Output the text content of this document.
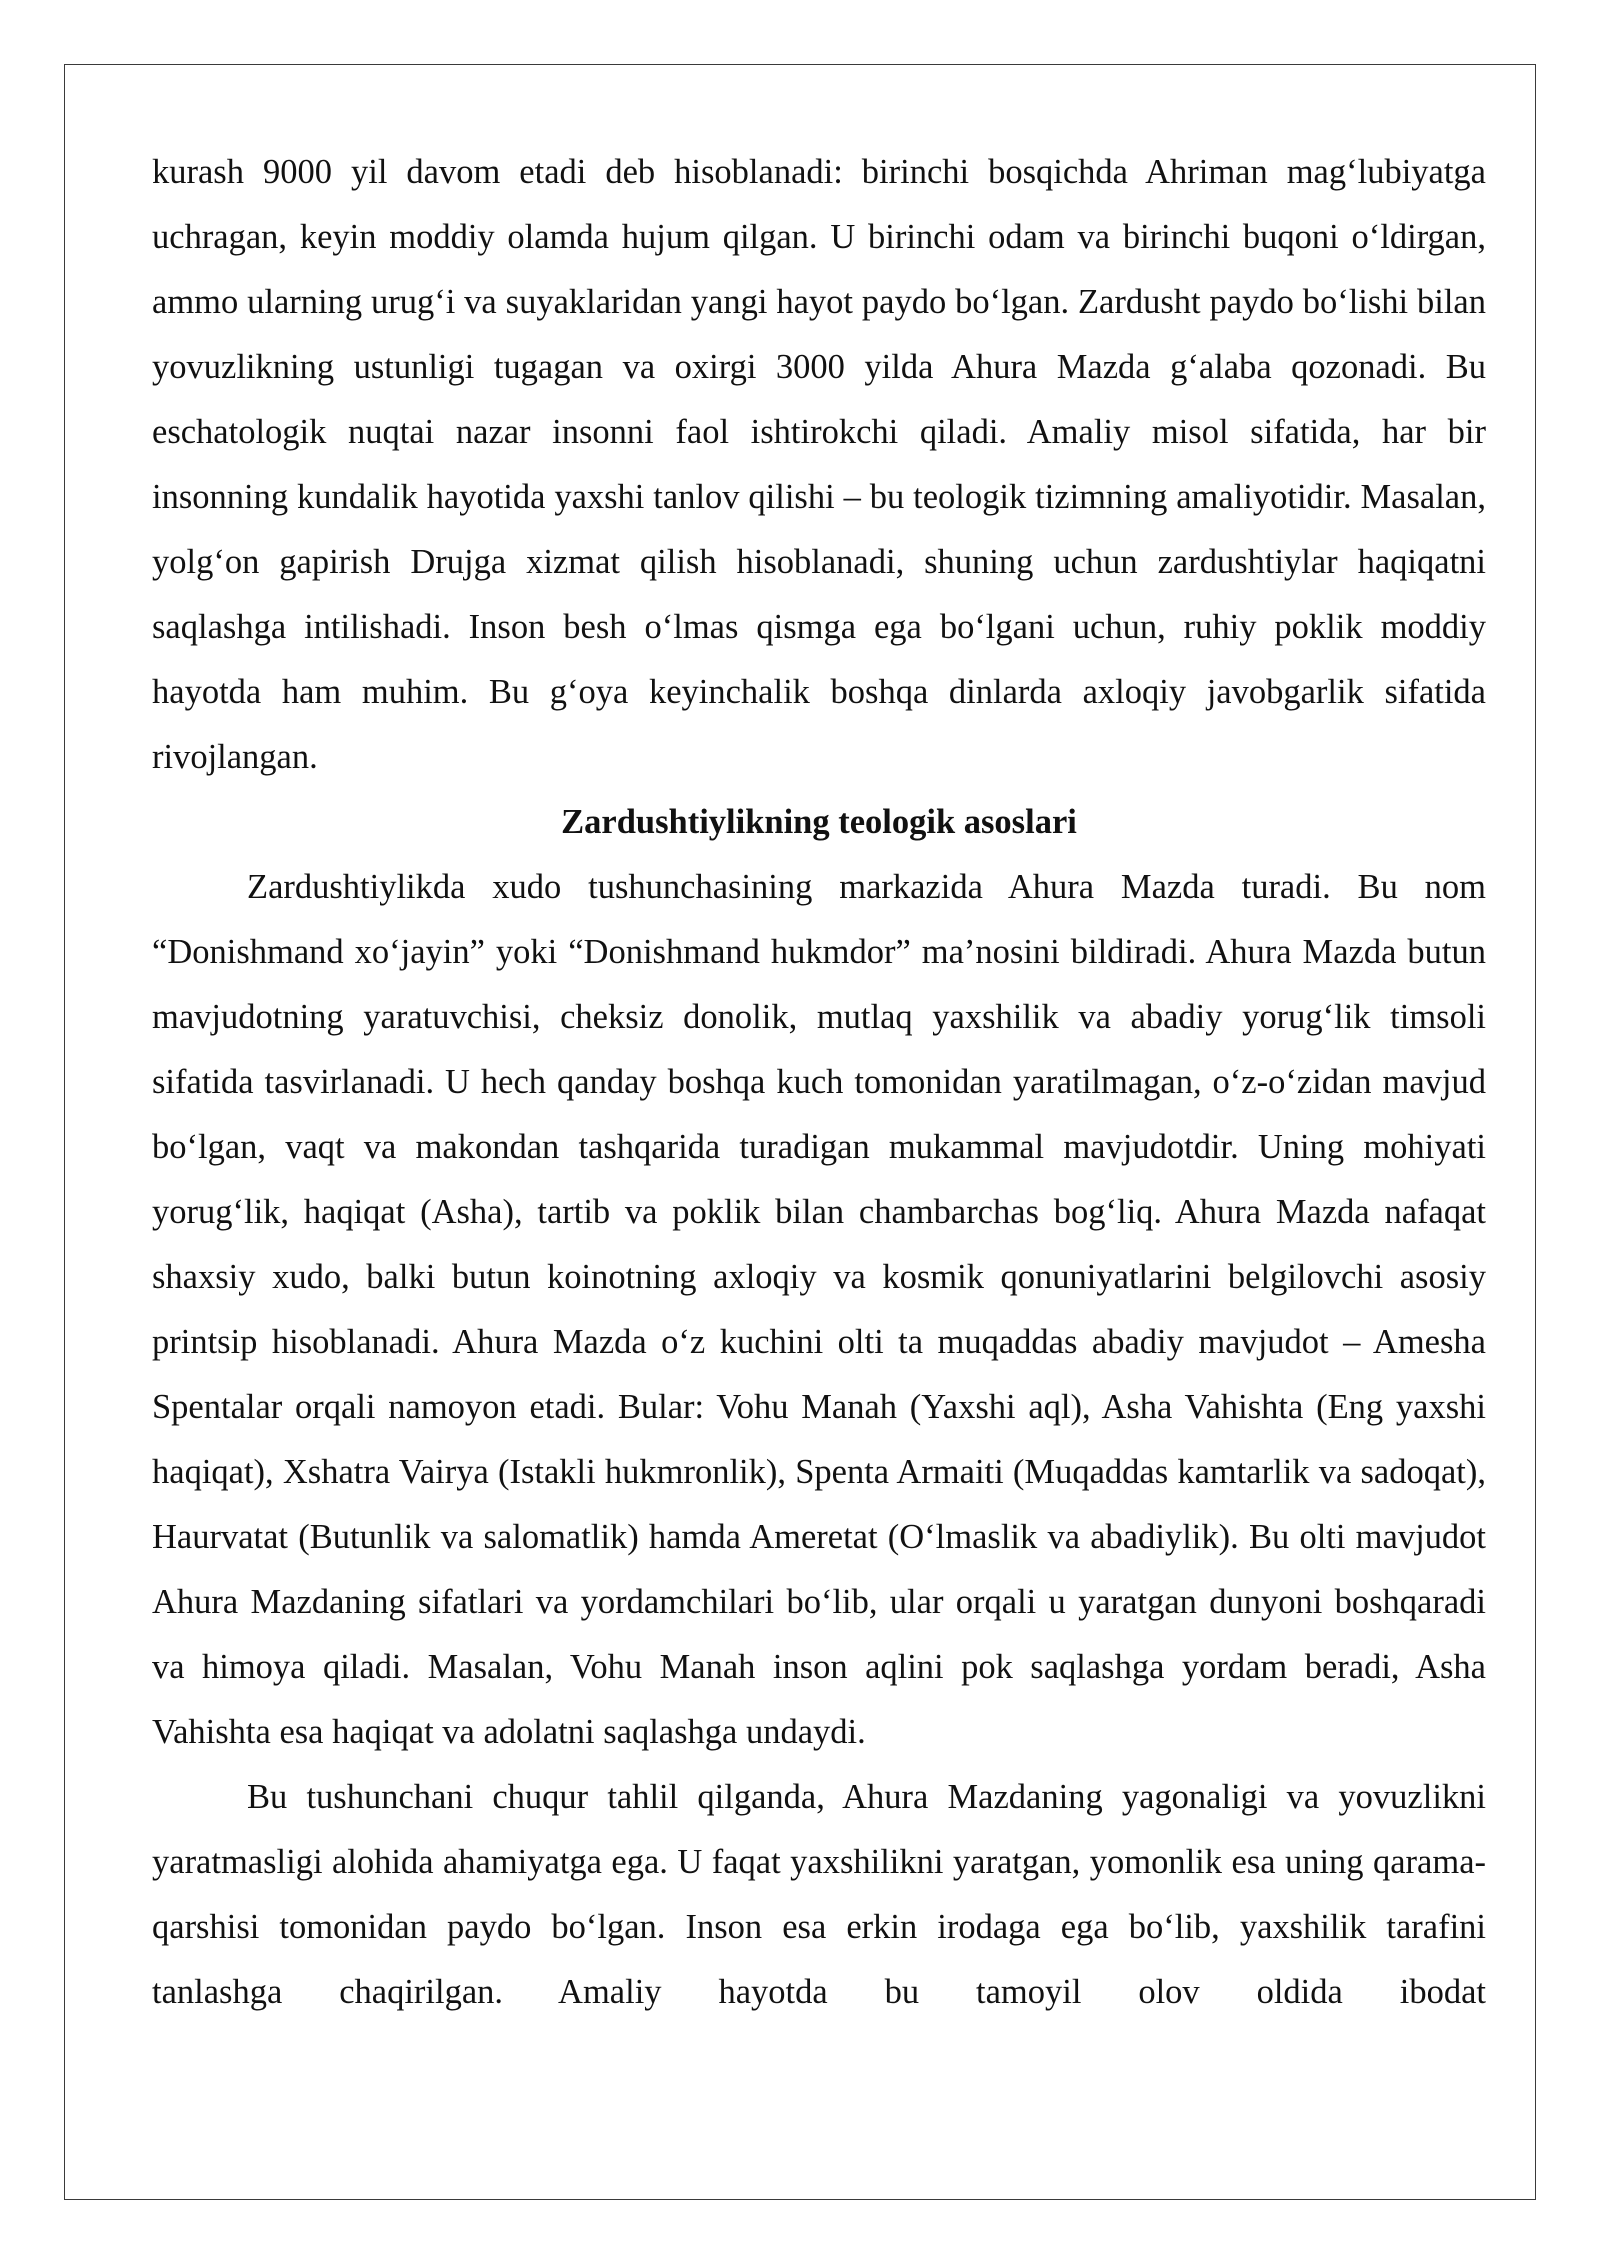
kurash 9000 yil davom etadi deb hisoblanadi: birinchi bosqichda Ahriman mag‘lubiyatga uchragan, keyin moddiy olamda hujum qilgan. U birinchi odam va birinchi buqoni o‘ldirgan, ammo ularning urug‘i va suyaklaridan yangi hayot paydo bo‘lgan. Zardusht paydo bo‘lishi bilan yovuzlikning ustunligi tugagan va oxirgi 3000 yilda Ahura Mazda g‘alaba qozonadi. Bu eschatologik nuqtai nazar insonni faol ishtirokchi qiladi. Amaliy misol sifatida, har bir insonning kundalik hayotida yaxshi tanlov qilishi – bu teologik tizimning amaliyotidir. Masalan, yolg‘on gapirish Drujga xizmat qilish hisoblanadi, shuning uchun zardushtiylar haqiqatni saqlashga intilishadi. Inson besh o‘lmas qismga ega bo‘lgani uchun, ruhiy poklik moddiy hayotda ham muhim. Bu g‘oya keyinchalik boshqa dinlarda axloqiy javobgarlik sifatida rivojlangan.

Zardushtiylikning teologik asoslari

Zardushtiylikda xudo tushunchasining markazida Ahura Mazda turadi. Bu nom “Donishmand xo‘jayin” yoki “Donishmand hukmdor” ma’nosini bildiradi. Ahura Mazda butun mavjudotning yaratuvchisi, cheksiz donolik, mutlaq yaxshilik va abadiy yorug‘lik timsoli sifatida tasvirlanadi. U hech qanday boshqa kuch tomonidan yaratilmagan, o‘z-o‘zidan mavjud bo‘lgan, vaqt va makondan tashqarida turadigan mukammal mavjudotdir. Uning mohiyati yorug‘lik, haqiqat (Asha), tartib va poklik bilan chambarchas bog‘liq. Ahura Mazda nafaqat shaxsiy xudo, balki butun koinotning axloqiy va kosmik qonuniyatlarini belgilovchi asosiy printsip hisoblanadi. Ahura Mazda o‘z kuchini olti ta muqaddas abadiy mavjudot – Amesha Spentalar orqali namoyon etadi. Bular: Vohu Manah (Yaxshi aql), Asha Vahishta (Eng yaxshi haqiqat), Xshatra Vairya (Istakli hukmronlik), Spenta Armaiti (Muqaddas kamtarlik va sadoqat), Haurvatat (Butunlik va salomatlik) hamda Ameretat (O‘lmaslik va abadiylik). Bu olti mavjudot Ahura Mazdaning sifatlari va yordamchilari bo‘lib, ular orqali u yaratgan dunyoni boshqaradi va himoya qiladi. Masalan, Vohu Manah inson aqlini pok saqlashga yordam beradi, Asha Vahishta esa haqiqat va adolatni saqlashga undaydi.

Bu tushunchani chuqur tahlil qilganda, Ahura Mazdaning yagonaligi va yovuzlikni yaratmasligi alohida ahamiyatga ega. U faqat yaxshilikni yaratgan, yomonlik esa uning qarama-qarshisi tomonidan paydo bo‘lgan. Inson esa erkin irodaga ega bo‘lib, yaxshilik tarafini tanlashga chaqirilgan. Amaliy hayotda bu tamoyil olov oldida ibodat
